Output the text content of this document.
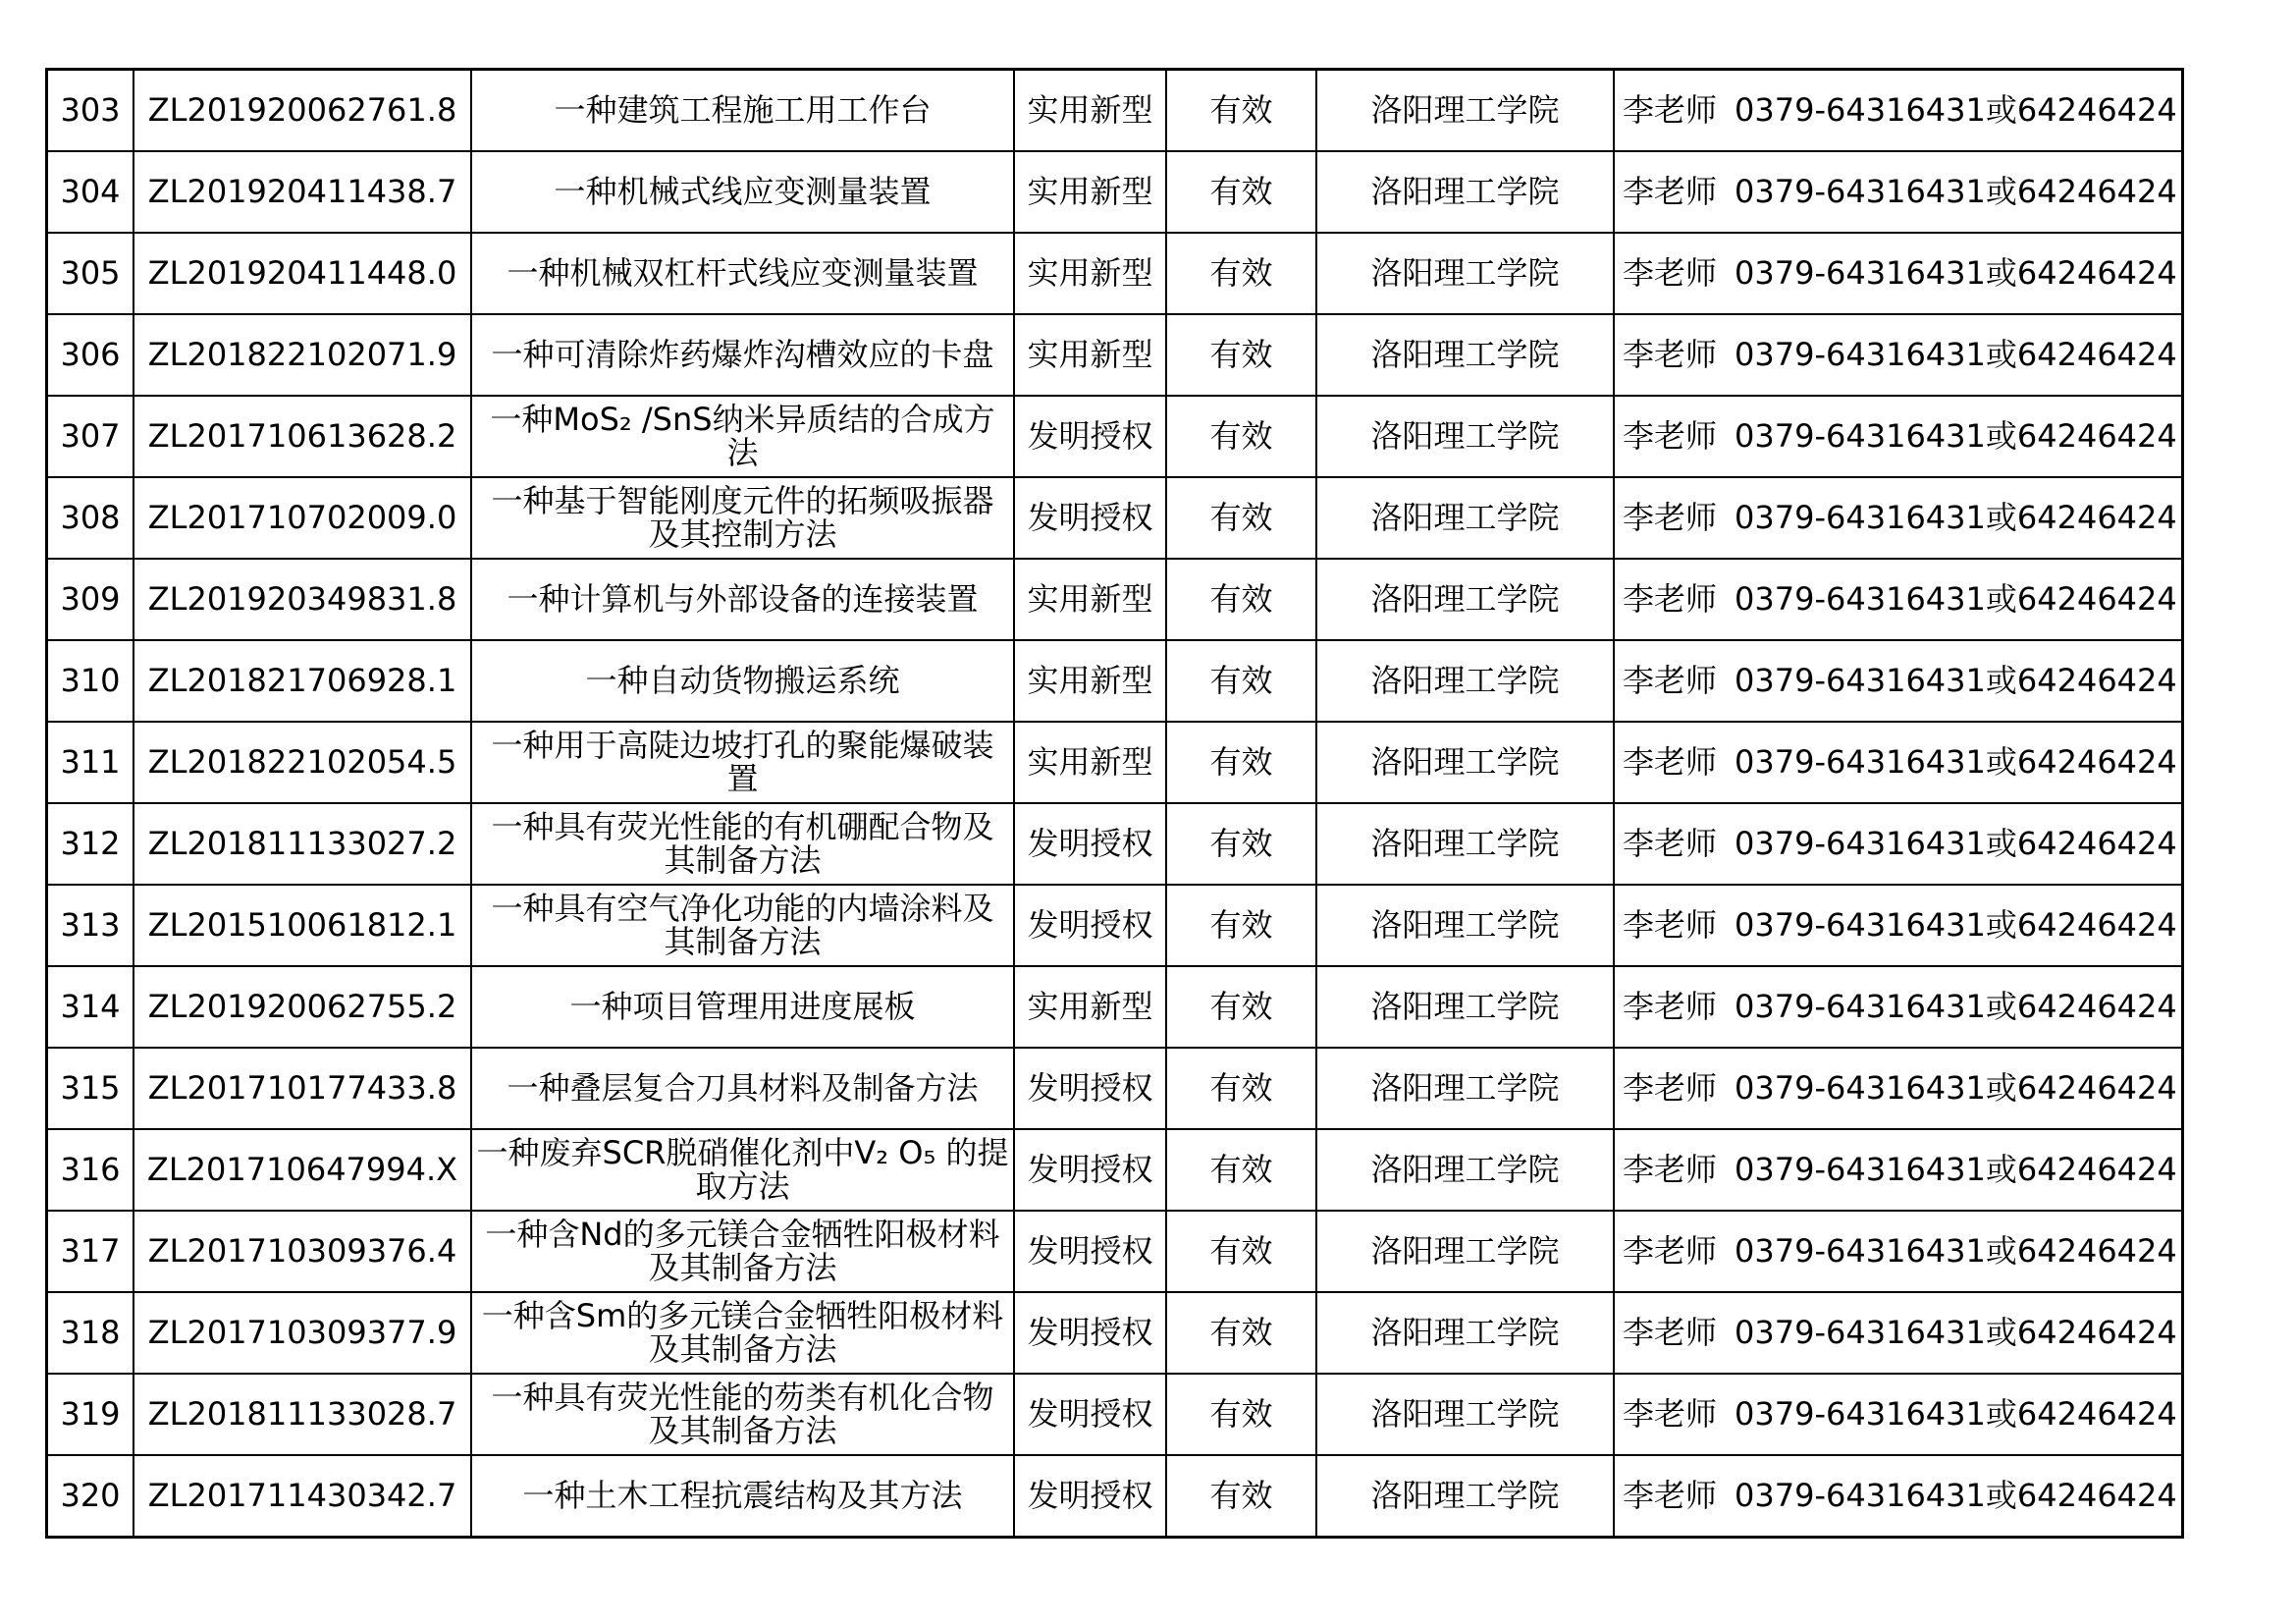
303	ZL201920062761.8	一种建筑工程施工用工作台	实用新型	有效	洛阳理工学院	李老师 0379-64316431或64246424
304	ZL201920411438.7	一种机械式线应变测量装置	实用新型	有效	洛阳理工学院	李老师 0379-64316431或64246424
305	ZL201920411448.0	一种机械双杠杆式线应变测量装置	实用新型	有效	洛阳理工学院	李老师 0379-64316431或64246424
306	ZL201822102071.9	一种可清除炸药爆炸沟槽效应的卡盘	实用新型	有效	洛阳理工学院	李老师 0379-64316431或64246424
307	ZL201710613628.2	一种MoS₂ /SnS纳米异质结的合成方法	发明授权	有效	洛阳理工学院	李老师 0379-64316431或64246424
308	ZL201710702009.0	一种基于智能刚度元件的拓频吸振器及其控制方法	发明授权	有效	洛阳理工学院	李老师 0379-64316431或64246424
309	ZL201920349831.8	一种计算机与外部设备的连接装置	实用新型	有效	洛阳理工学院	李老师 0379-64316431或64246424
310	ZL201821706928.1	一种自动货物搬运系统	实用新型	有效	洛阳理工学院	李老师 0379-64316431或64246424
311	ZL201822102054.5	一种用于高陡边坡打孔的聚能爆破装置	实用新型	有效	洛阳理工学院	李老师 0379-64316431或64246424
312	ZL201811133027.2	一种具有荧光性能的有机硼配合物及其制备方法	发明授权	有效	洛阳理工学院	李老师 0379-64316431或64246424
313	ZL201510061812.1	一种具有空气净化功能的内墙涂料及其制备方法	发明授权	有效	洛阳理工学院	李老师 0379-64316431或64246424
314	ZL201920062755.2	一种项目管理用进度展板	实用新型	有效	洛阳理工学院	李老师 0379-64316431或64246424
315	ZL201710177433.8	一种叠层复合刀具材料及制备方法	发明授权	有效	洛阳理工学院	李老师 0379-64316431或64246424
316	ZL201710647994.X	一种废弃SCR脱硝催化剂中V₂ O₅ 的提取方法	发明授权	有效	洛阳理工学院	李老师 0379-64316431或64246424
317	ZL201710309376.4	一种含Nd的多元镁合金牺牲阳极材料及其制备方法	发明授权	有效	洛阳理工学院	李老师 0379-64316431或64246424
318	ZL201710309377.9	一种含Sm的多元镁合金牺牲阳极材料及其制备方法	发明授权	有效	洛阳理工学院	李老师 0379-64316431或64246424
319	ZL201811133028.7	一种具有荧光性能的芴类有机化合物及其制备方法	发明授权	有效	洛阳理工学院	李老师 0379-64316431或64246424
320	ZL201711430342.7	一种土木工程抗震结构及其方法	发明授权	有效	洛阳理工学院	李老师 0379-64316431或64246424
